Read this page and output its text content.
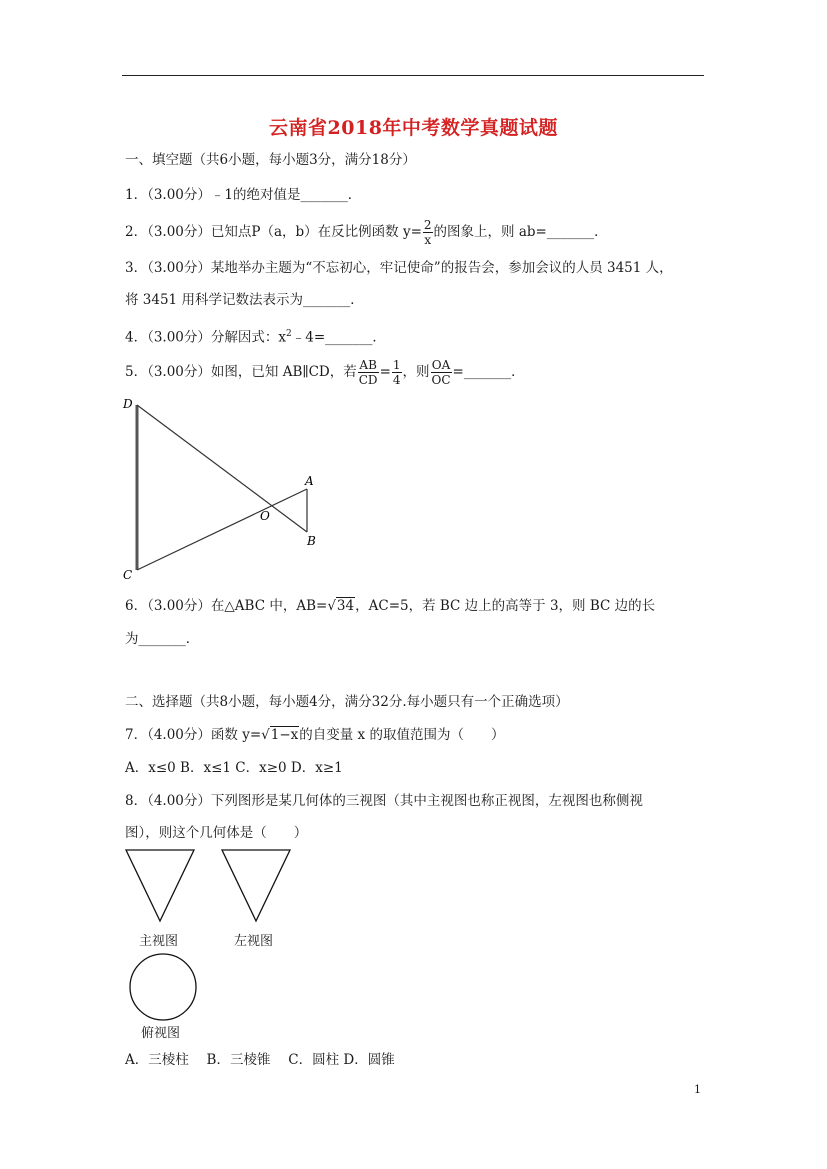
云南省2018年中考数学真题试题
一、填空题（共6小题，每小题3分，满分18分）
1．（3.00分）﹣1的绝对值是_______．
2．（3.00分）已知点P（a，b）在反比例函数 $y= \frac{2}{x}$ 的图象上，则 ab=_______．
3．（3.00分）某地举办主题为“不忘初心，牢记使命”的报告会，参加会议的人员 3451 人，
将 3451 用科学记数法表示为_______．
4．（3.00分）分解因式：$x^2﹣4=\_\_\_\_\_\_\_$．
5．（3.00分）如图，已知 AB∥CD，若 $\frac{AB}{CD} = \frac{1}{4}$ ，则 $\frac{OA}{OC}$ =_______．
D
C
A
B
O
6．（3.00分）在△ABC 中，AB=√34，AC=5，若 BC 边上的高等于 3，则 BC 边的长
为_______．
二、选择题（共8小题，每小题4分，满分32分.每小题只有一个正确选项）
7．（4.00分）函数 y=√1−x的自变量 x 的取值范围为（　　）
A．x≤0 B．x≤1 C．x≥0 D．x≥1
8．（4.00分）下列图形是某几何体的三视图（其中主视图也称正视图，左视图也称侧视
图），则这个几何体是（　　）
主视图	左视图
俯视图
A．三棱柱　 B．三棱锥　 C．圆柱 D．圆锥
1
